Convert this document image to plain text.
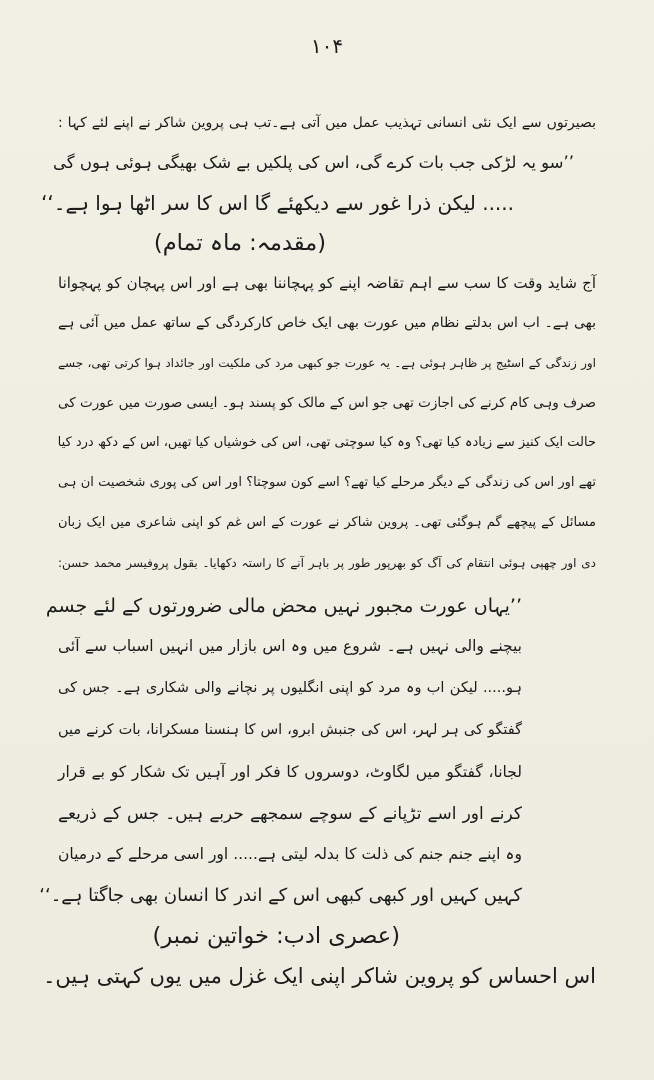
۱۰۴
بصیرتوں سے ایک نئی انسانی تہذیب عمل میں آتی ہے۔تب ہی پروین شاکر نے اپنے لئے کہا :
’’سو یہ لڑکی جب بات کرے گی، اس کی پلکیں بے شک بھیگی ہوئی ہوں گی
..... لیکن ذرا غور سے دیکھئے گا اس کا سر اٹھا ہوا ہے۔‘‘
(مقدمہ: ماہ تمام)
آج شاید وقت کا سب سے اہم تقاضہ اپنے کو پہچاننا بھی ہے اور اس پہچان کو پہچوانا
بھی ہے۔ اب اس بدلتے نظام میں عورت بھی ایک خاص کارکردگی کے ساتھ عمل میں آئی ہے
اور زندگی کے اسٹیج پر ظاہر ہوئی ہے۔ یہ عورت جو کبھی مرد کی ملکیت اور جائداد ہوا کرتی تھی، جسے
صرف وہی کام کرنے کی اجازت تھی جو اس کے مالک کو پسند ہو۔ ایسی صورت میں عورت کی
حالت ایک کنیز سے زیادہ کیا تھی؟ وہ کیا سوچتی تھی، اس کی خوشیاں کیا تھیں، اس کے دکھ درد کیا
تھے اور اس کی زندگی کے دیگر مرحلے کیا تھے؟ اسے کون سوچتا؟ اور اس کی پوری شخصیت ان ہی
مسائل کے پیچھے گم ہوگئی تھی۔ پروین شاکر نے عورت کے اس غم کو اپنی شاعری میں ایک زبان
دی اور چھپی ہوئی انتقام کی آگ کو بھرپور طور پر باہر آنے کا راستہ دکھایا۔ بقول پروفیسر محمد حسن:
’’یہاں عورت مجبور نہیں محض مالی ضرورتوں کے لئے جسم
بیچنے والی نہیں ہے۔ شروع میں وہ اس بازار میں انہیں اسباب سے آئی
ہو..... لیکن اب وہ مرد کو اپنی انگلیوں پر نچانے والی شکاری ہے۔ جس کی
گفتگو کی ہر لہر، اس کی جنبش ابرو، اس کا ہنسنا مسکرانا، بات کرنے میں
لجانا، گفتگو میں لگاوٹ، دوسروں کا فکر اور آہیں تک شکار کو بے قرار
کرنے اور اسے تڑپانے کے سوچے سمجھے حربے ہیں۔ جس کے ذریعے
وہ اپنے جنم جنم کی ذلت کا بدلہ لیتی ہے..... اور اسی مرحلے کے درمیان
کہیں کہیں اور کبھی کبھی اس کے اندر کا انسان بھی جاگتا ہے۔‘‘
(عصری ادب: خواتین نمبر)
اس احساس کو پروین شاکر اپنی ایک غزل میں یوں کہتی ہیں۔
